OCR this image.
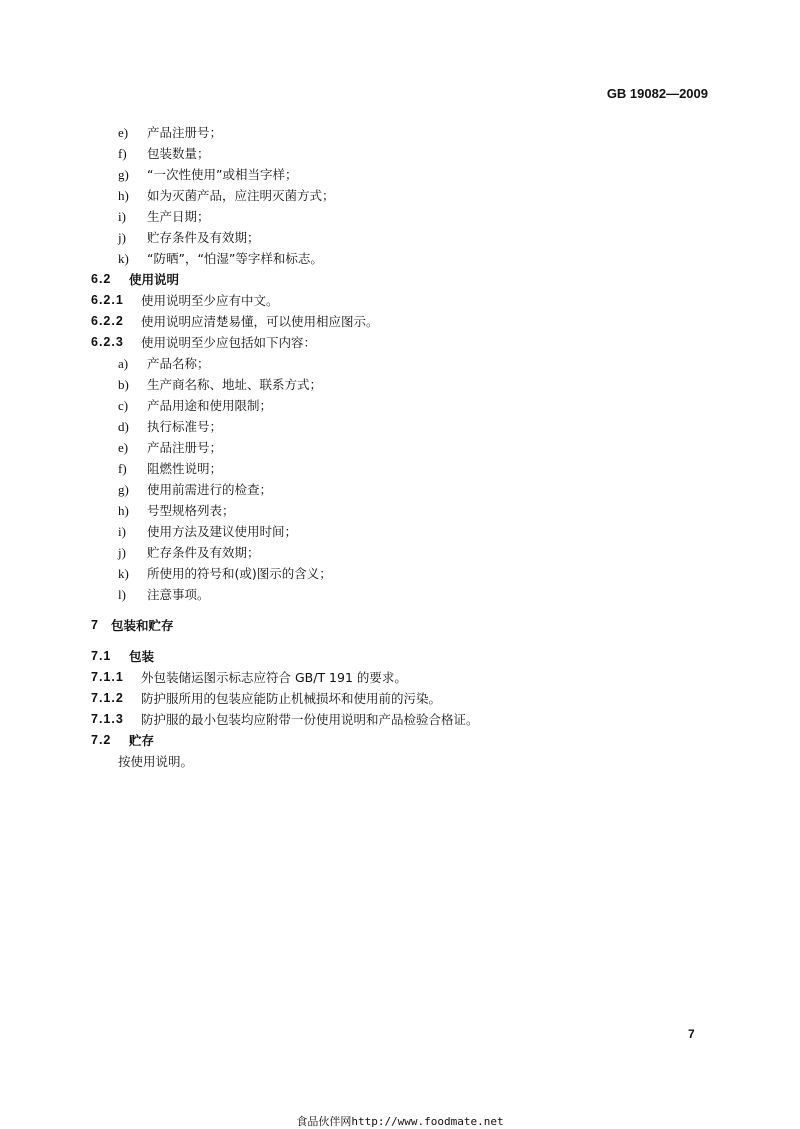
GB 19082—2009
e) 产品注册号；
f) 包装数量；
g) “一次性使用”或相当字样；
h) 如为灭菌产品，应注明灭菌方式；
i) 生产日期；
j) 贮存条件及有效期；
k) “防晒”，“怕湿”等字样和标志。
6.2 使用说明
6.2.1 使用说明至少应有中文。
6.2.2 使用说明应清楚易懂，可以使用相应图示。
6.2.3 使用说明至少应包括如下内容：
a) 产品名称；
b) 生产商名称、地址、联系方式；
c) 产品用途和使用限制；
d) 执行标准号；
e) 产品注册号；
f) 阻燃性说明；
g) 使用前需进行的检查；
h) 号型规格列表；
i) 使用方法及建议使用时间；
j) 贮存条件及有效期；
k) 所使用的符号和(或)图示的含义；
l) 注意事项。
7 包装和贮存
7.1 包装
7.1.1 外包装储运图示标志应符合 GB/T 191 的要求。
7.1.2 防护服所用的包装应能防止机械损坏和使用前的污染。
7.1.3 防护服的最小包装均应附带一份使用说明和产品检验合格证。
7.2 贮存
按使用说明。
7
食品伙伴网http://www.foodmate.net
